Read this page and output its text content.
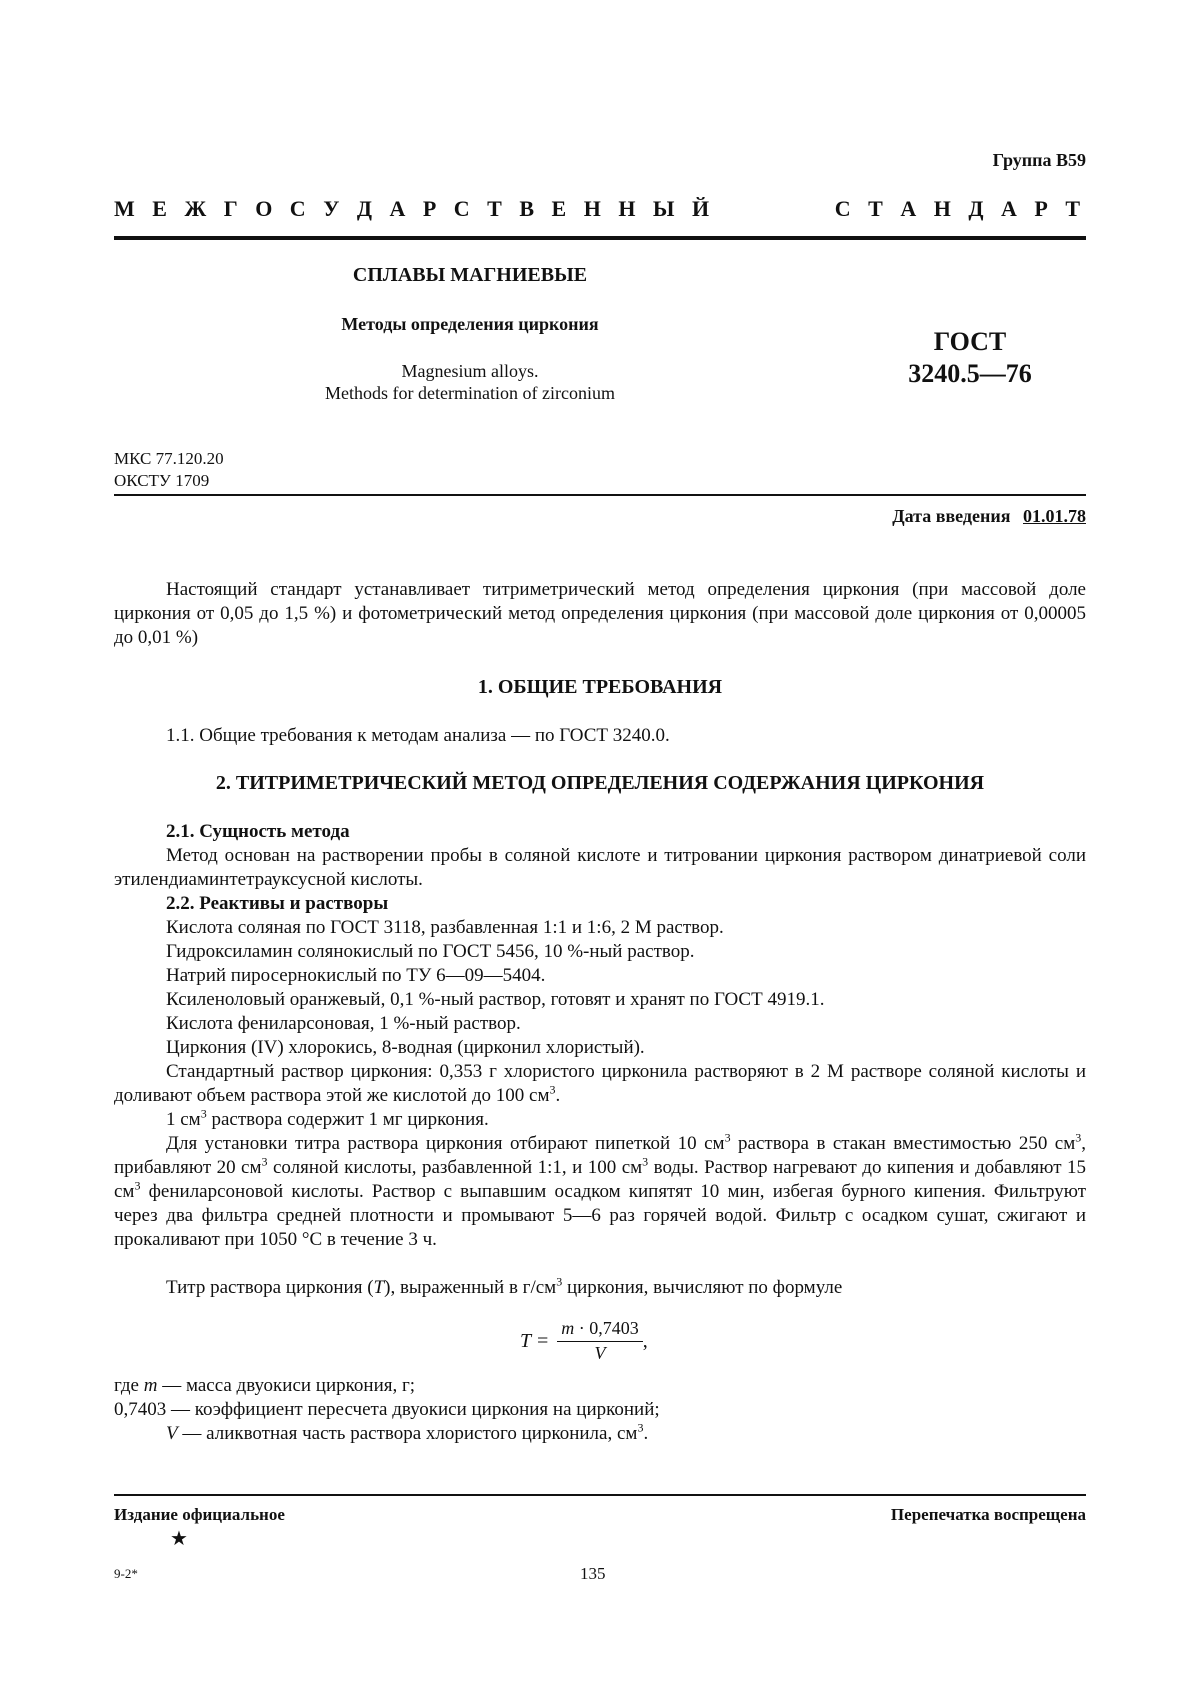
Группа В59
М Е Ж Г О С У Д А Р С Т В Е Н Н Ы Й	С Т А Н Д А Р Т
СПЛАВЫ МАГНИЕВЫЕ
Методы определения циркония
Magnesium alloys.
Methods for determination of zirconium
ГОСТ
3240.5—76
МКС 77.120.20
ОКСТУ 1709
Дата введения 01.01.78
Настоящий стандарт устанавливает титриметрический метод определения циркония (при массовой доле циркония от 0,05 до 1,5 %) и фотометрический метод определения циркония (при массовой доле циркония от 0,00005 до 0,01 %)
1. ОБЩИЕ ТРЕБОВАНИЯ
1.1. Общие требования к методам анализа — по ГОСТ 3240.0.
2. ТИТРИМЕТРИЧЕСКИЙ МЕТОД ОПРЕДЕЛЕНИЯ СОДЕРЖАНИЯ ЦИРКОНИЯ
2.1. Сущность метода
Метод основан на растворении пробы в соляной кислоте и титровании циркония раствором динатриевой соли этилендиаминтетрауксусной кислоты.
2.2. Реактивы и растворы
Кислота соляная по ГОСТ 3118, разбавленная 1:1 и 1:6, 2 М раствор.
Гидроксиламин солянокислый по ГОСТ 5456, 10 %-ный раствор.
Натрий пиросернокислый по ТУ 6—09—5404.
Ксиленоловый оранжевый, 0,1 %-ный раствор, готовят и хранят по ГОСТ 4919.1.
Кислота фениларсоновая, 1 %-ный раствор.
Циркония (IV) хлорокись, 8-водная (цирконил хлористый).
Стандартный раствор циркония: 0,353 г хлористого цирконила растворяют в 2 М растворе соляной кислоты и доливают объем раствора этой же кислотой до 100 $см^3$.
1 $см^3$ раствора содержит 1 мг циркония.
Для установки титра раствора циркония отбирают пипеткой 10 $см^3$ раствора в стакан вместимостью 250 $см^3$, прибавляют 20 $см^3$ соляной кислоты, разбавленной 1:1, и 100 $см^3$ воды. Раствор нагревают до кипения и добавляют 15 $см^3$ фениларсоновой кислоты. Раствор с выпавшим осадком кипятят 10 мин, избегая бурного кипения. Фильтруют через два фильтра средней плотности и промывают 5—6 раз горячей водой. Фильтр с осадком сушат, сжигают и прокаливают при 1050 °С в течение 3 ч.
Титр раствора циркония (T), выраженный в $г/см^3$ циркония, вычисляют по формуле
$T = \frac{m \cdot 0,7403}{V}$ ,
где m — масса двуокиси циркония, г;
0,7403 — коэффициент пересчета двуокиси циркония на цирконий;
V — аликвотная часть раствора хлористого цирконила, $см^3$.
Издание официальное	Перепечатка воспрещена
★
9-2*	135
